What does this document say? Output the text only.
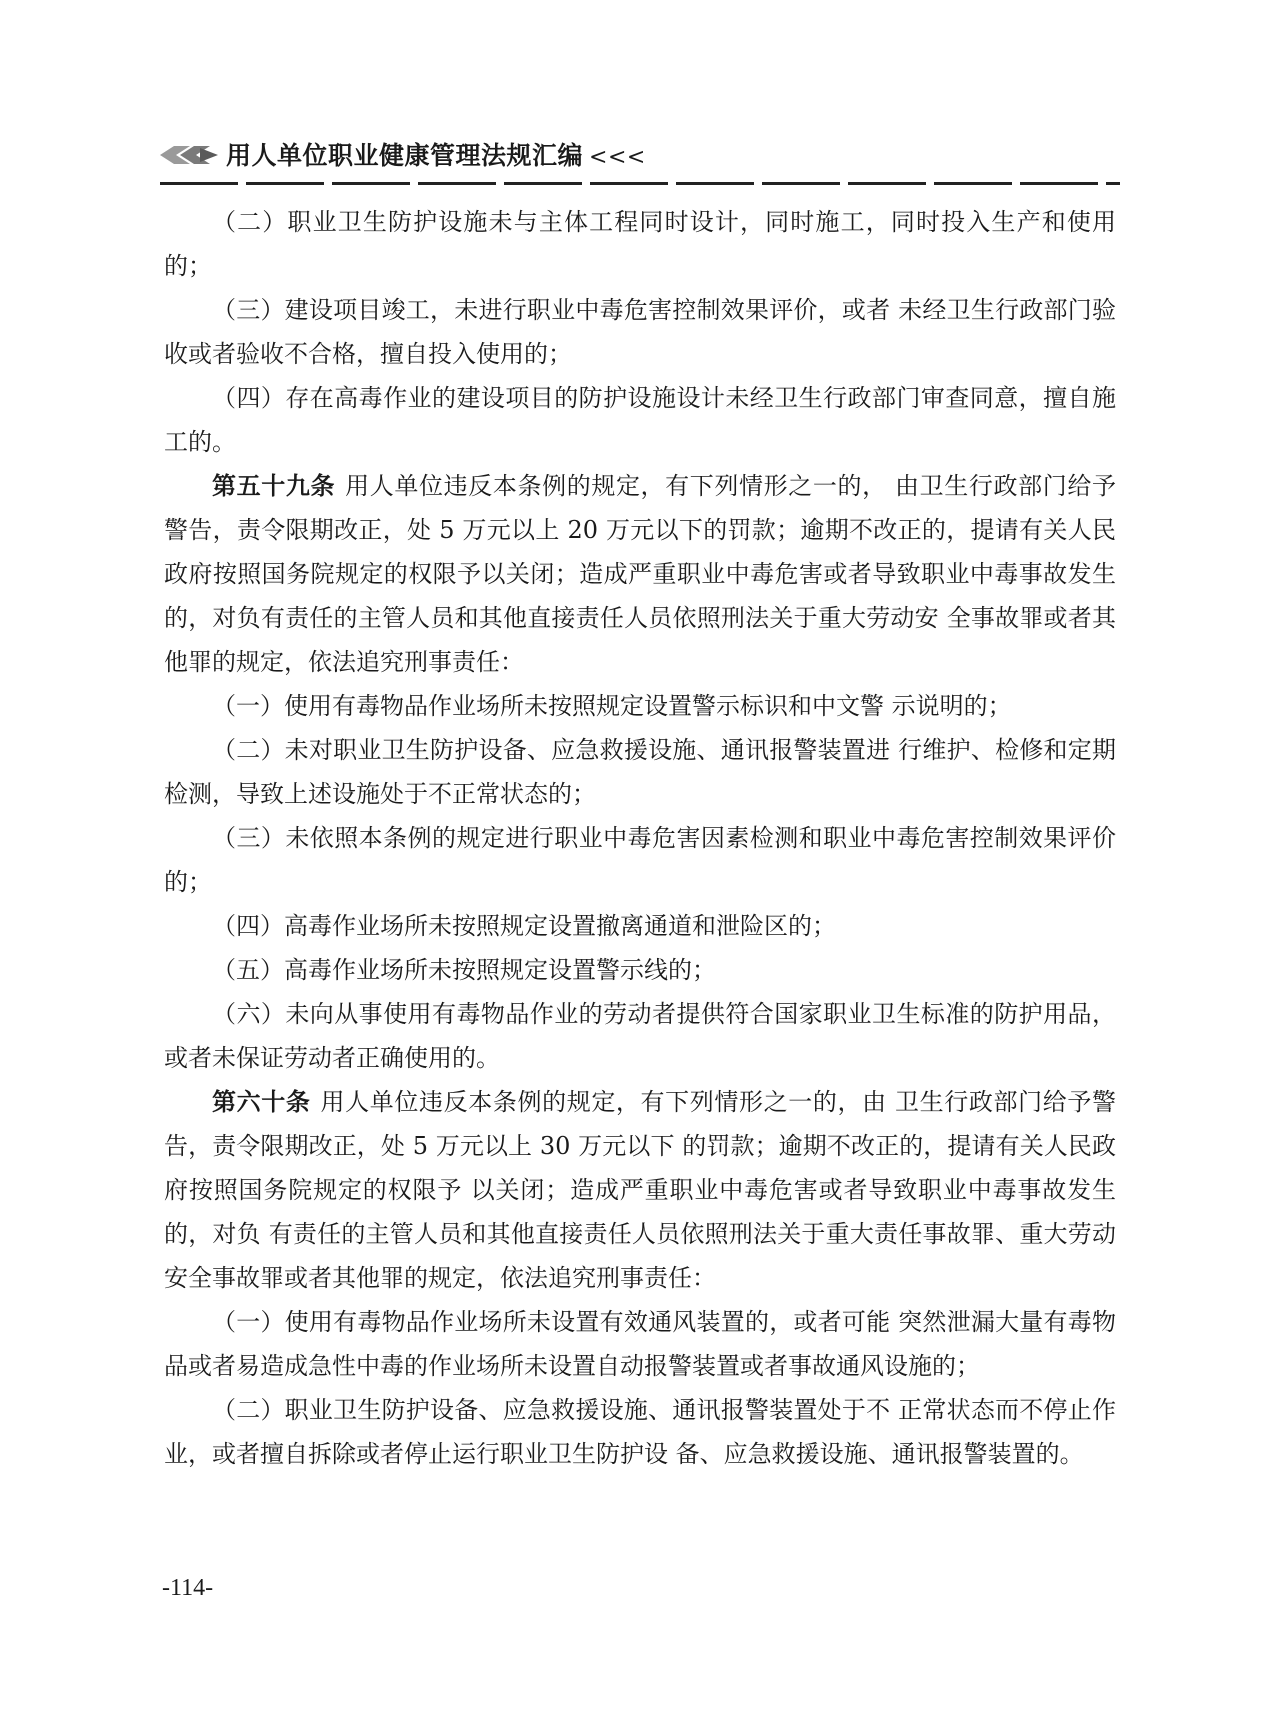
用人单位职业健康管理法规汇编 <<<

（二）职业卫生防护设施未与主体工程同时设计，同时施工，同时投入生产和使用的；

（三）建设项目竣工，未进行职业中毒危害控制效果评价，或者 未经卫生行政部门验收或者验收不合格，擅自投入使用的；

（四）存在高毒作业的建设项目的防护设施设计未经卫生行政部门审查同意，擅自施工的。

第五十九条 用人单位违反本条例的规定，有下列情形之一的， 由卫生行政部门给予警告，责令限期改正，处 5 万元以上 20 万元以下的罚款；逾期不改正的，提请有关人民政府按照国务院规定的权限予以关闭；造成严重职业中毒危害或者导致职业中毒事故发生的，对负有责任的主管人员和其他直接责任人员依照刑法关于重大劳动安 全事故罪或者其他罪的规定，依法追究刑事责任：

（一）使用有毒物品作业场所未按照规定设置警示标识和中文警 示说明的；

（二）未对职业卫生防护设备、应急救援设施、通讯报警装置进 行维护、检修和定期检测，导致上述设施处于不正常状态的；

（三）未依照本条例的规定进行职业中毒危害因素检测和职业中毒危害控制效果评价的；

（四）高毒作业场所未按照规定设置撤离通道和泄险区的；

（五）高毒作业场所未按照规定设置警示线的；

（六）未向从事使用有毒物品作业的劳动者提供符合国家职业卫生标准的防护用品，或者未保证劳动者正确使用的。

第六十条 用人单位违反本条例的规定，有下列情形之一的，由 卫生行政部门给予警告，责令限期改正，处 5 万元以上 30 万元以下 的罚款；逾期不改正的，提请有关人民政府按照国务院规定的权限予 以关闭；造成严重职业中毒危害或者导致职业中毒事故发生的，对负 有责任的主管人员和其他直接责任人员依照刑法关于重大责任事故罪、重大劳动安全事故罪或者其他罪的规定，依法追究刑事责任：

（一）使用有毒物品作业场所未设置有效通风装置的，或者可能 突然泄漏大量有毒物品或者易造成急性中毒的作业场所未设置自动报警装置或者事故通风设施的；

（二）职业卫生防护设备、应急救援设施、通讯报警装置处于不 正常状态而不停止作业，或者擅自拆除或者停止运行职业卫生防护设 备、应急救援设施、通讯报警装置的。

-114-
